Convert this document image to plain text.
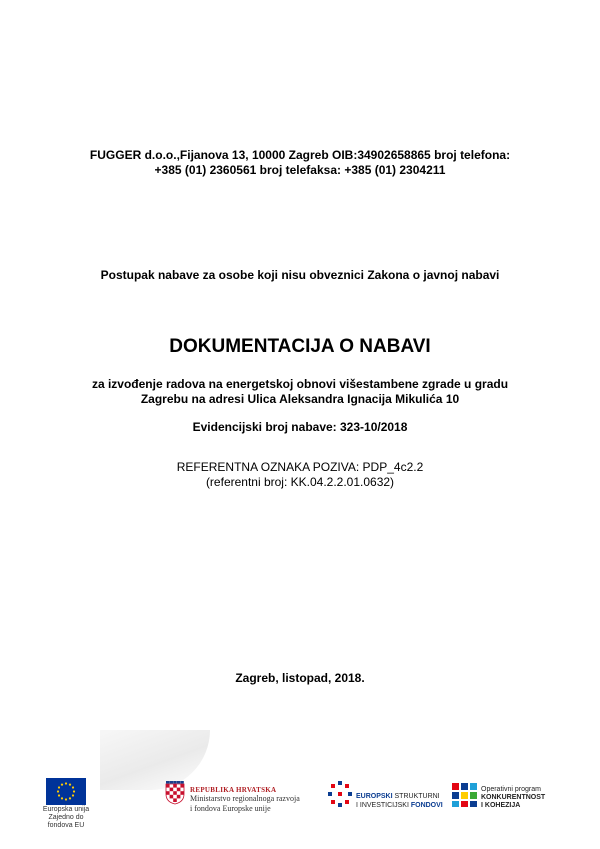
FUGGER d.o.o.,Fijanova 13, 10000 Zagreb OIB:34902658865 broj telefona:
+385 (01) 2360561 broj telefaksa: +385 (01) 2304211
Postupak nabave za osobe koji nisu obveznici Zakona o javnoj nabavi
DOKUMENTACIJA O NABAVI
za izvođenje radova na energetskoj obnovi višestambene zgrade u gradu
Zagrebu na adresi Ulica Aleksandra Ignacija Mikulića 10
Evidencijski broj nabave: 323-10/2018
REFERENTNA OZNAKA POZIVA: PDP_4c2.2
(referentni broj: KK.04.2.2.01.0632)
Zagreb, listopad, 2018.
Europska unija
Zajedno do fondova EU
REPUBLIKA HRVATSKA
Ministarstvo regionalnoga razvoja
i fondova Europske unije
EUROPSKI STRUKTURNI
I INVESTICIJSKI FONDOVI
Operativni program
KONKURENTNOST
I KOHEZIJA
